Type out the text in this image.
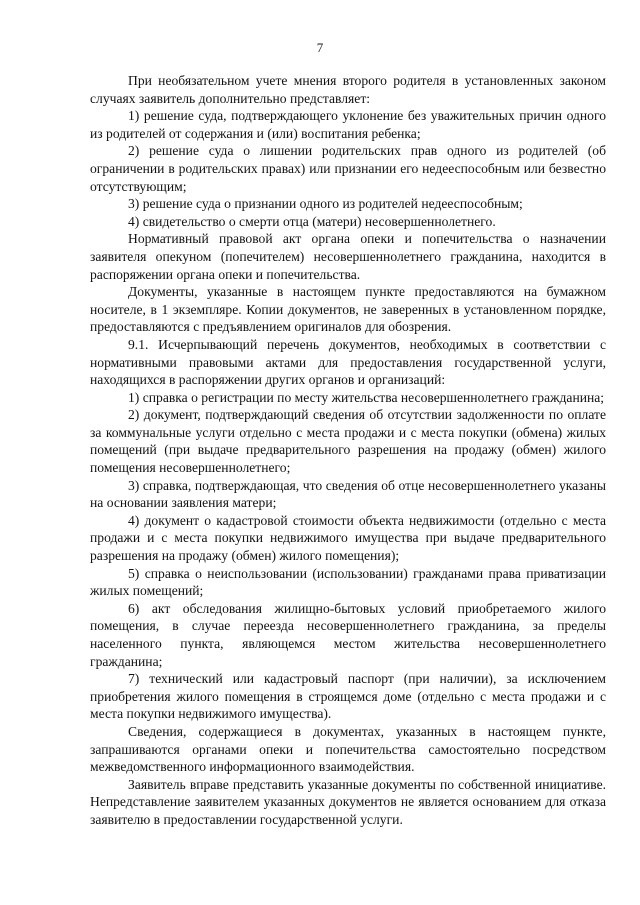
7

При необязательном учете мнения второго родителя в установленных законом случаях заявитель дополнительно представляет:

1) решение суда, подтверждающего уклонение без уважительных причин одного из родителей от содержания и (или) воспитания ребенка;

2) решение суда о лишении родительских прав одного из родителей (об ограничении в родительских правах) или признании его недееспособным или безвестно отсутствующим;

3) решение суда о признании одного из родителей недееспособным;

4) свидетельство о смерти отца (матери) несовершеннолетнего.

Нормативный правовой акт органа опеки и попечительства о назначении заявителя опекуном (попечителем) несовершеннолетнего гражданина, находится в распоряжении органа опеки и попечительства.

Документы, указанные в настоящем пункте предоставляются на бумажном носителе, в 1 экземпляре. Копии документов, не заверенных в установленном порядке, предоставляются с предъявлением оригиналов для обозрения.

9.1. Исчерпывающий перечень документов, необходимых в соответствии с нормативными правовыми актами для предоставления государственной услуги, находящихся в распоряжении других органов и организаций:

1) справка о регистрации по месту жительства несовершеннолетнего гражданина;

2) документ, подтверждающий сведения об отсутствии задолженности по оплате за коммунальные услуги отдельно с места продажи и с места покупки (обмена) жилых помещений (при выдаче предварительного разрешения на продажу (обмен) жилого помещения несовершеннолетнего;

3) справка, подтверждающая, что сведения об отце несовершеннолетнего указаны на основании заявления матери;

4) документ о кадастровой стоимости объекта недвижимости (отдельно с места продажи и с места покупки недвижимого имущества при выдаче предварительного разрешения на продажу (обмен) жилого помещения);

5) справка о неиспользовании (использовании) гражданами права приватизации жилых помещений;

6) акт обследования жилищно-бытовых условий приобретаемого жилого помещения, в случае переезда несовершеннолетнего гражданина, за пределы населенного пункта, являющемся местом жительства несовершеннолетнего гражданина;

7) технический или кадастровый паспорт (при наличии), за исключением приобретения жилого помещения в строящемся доме (отдельно с места продажи и с места покупки недвижимого имущества).

Сведения, содержащиеся в документах, указанных в настоящем пункте, запрашиваются органами опеки и попечительства самостоятельно посредством межведомственного информационного взаимодействия.

Заявитель вправе представить указанные документы по собственной инициативе. Непредставление заявителем указанных документов не является основанием для отказа заявителю в предоставлении государственной услуги.
